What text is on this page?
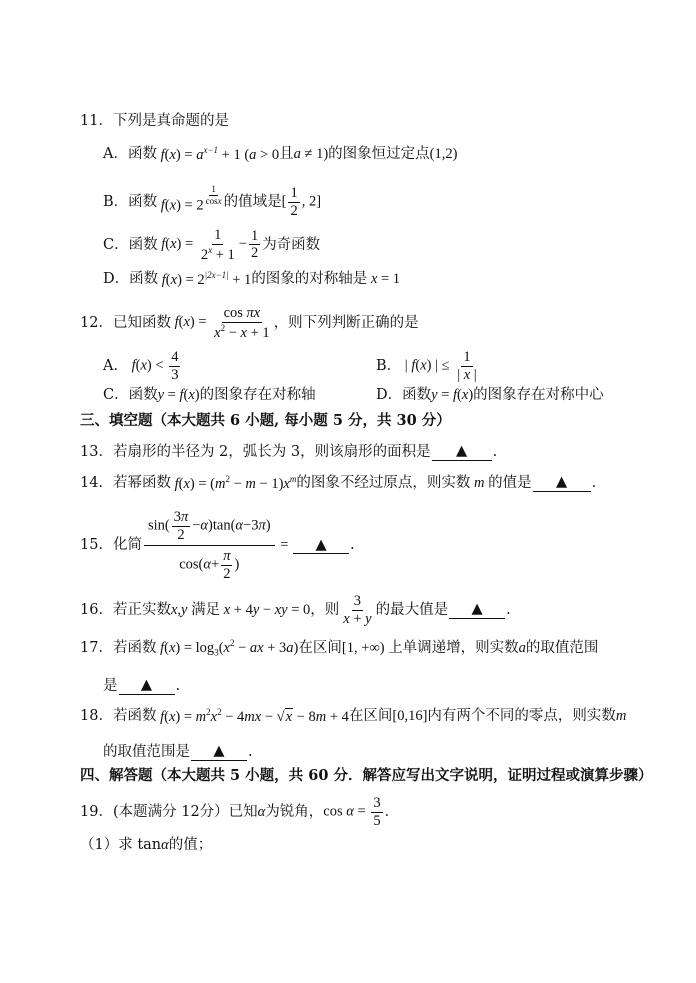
11． 下列是真命题的是
A． 函数 $f(x) = a^{x-1} + 1$ (a > 0 且 a ≠ 1) 的图象恒过定点 (1,2)
B． 函数 f(x) = 2 $^{\frac{1}{\cos x}}$ 的值域是 [ $\frac{1}{2}$ , 2]
C． 函数 $f(x) = \frac{1}{2^x + 1} - \frac{1}{2}$ 为奇函数
D． 函数 $f(x) = 2^{|2x-1|} + 1$ 的图象的对称轴是 x = 1
12． 已知函数 $f(x) = \frac{\text{cos πx}}{x^2 - x + 1}$ ，则下列判断正确的是
A． $f(x) < \frac{4}{3}$	B． | f(x) | ≤ $\frac{1}{| x |}$
C． 函数 y = f(x) 的图象存在对称轴	D． 函数 y = f(x) 的图象存在对称中心
三、填空题（本大题共 6 小题, 每小题 5 分，共 30 分）
13． 若扇形的半径为 2，弧长为 3，则该扇形的面积是	▲	.
14． 若幂函数 $f(x) = (m^2 - m - 1)x^m$ 的图象不经过原点，则实数 m 的值是	▲	.
15． 化简 $\frac{\sin( \frac{3\pi}{2} -\alpha)\tan(\alpha-3\pi)}{\cos(\alpha+ \frac{\pi}{2} )}$ =	▲	.
16． 若正实数 x,y 满足 x + 4y − xy = 0 ，则 $\frac{3}{x + y}$ 的最大值是	▲	.
17． 若函数 $f(x) = \log_3(x^2$ − ax + 3a) 在区间 [1, +∞) 上单调递增，则实数 a 的取值范围
是	▲	.
18． 若函数 $f(x) = m^2x^2 - 4mx - √x - 8m + 4$ 在区间 [0,16] 内有两个不同的零点，则实数 m
的取值范围是	▲	.
四、解答题（本大题共 5 小题，共 60 分．解答应写出文字说明，证明过程或演算步骤）
19． (本题满分 12分）已知 α 为锐角， $\cos \alpha = \frac{3}{5}$ ．
（1）求 tan α 的值；
